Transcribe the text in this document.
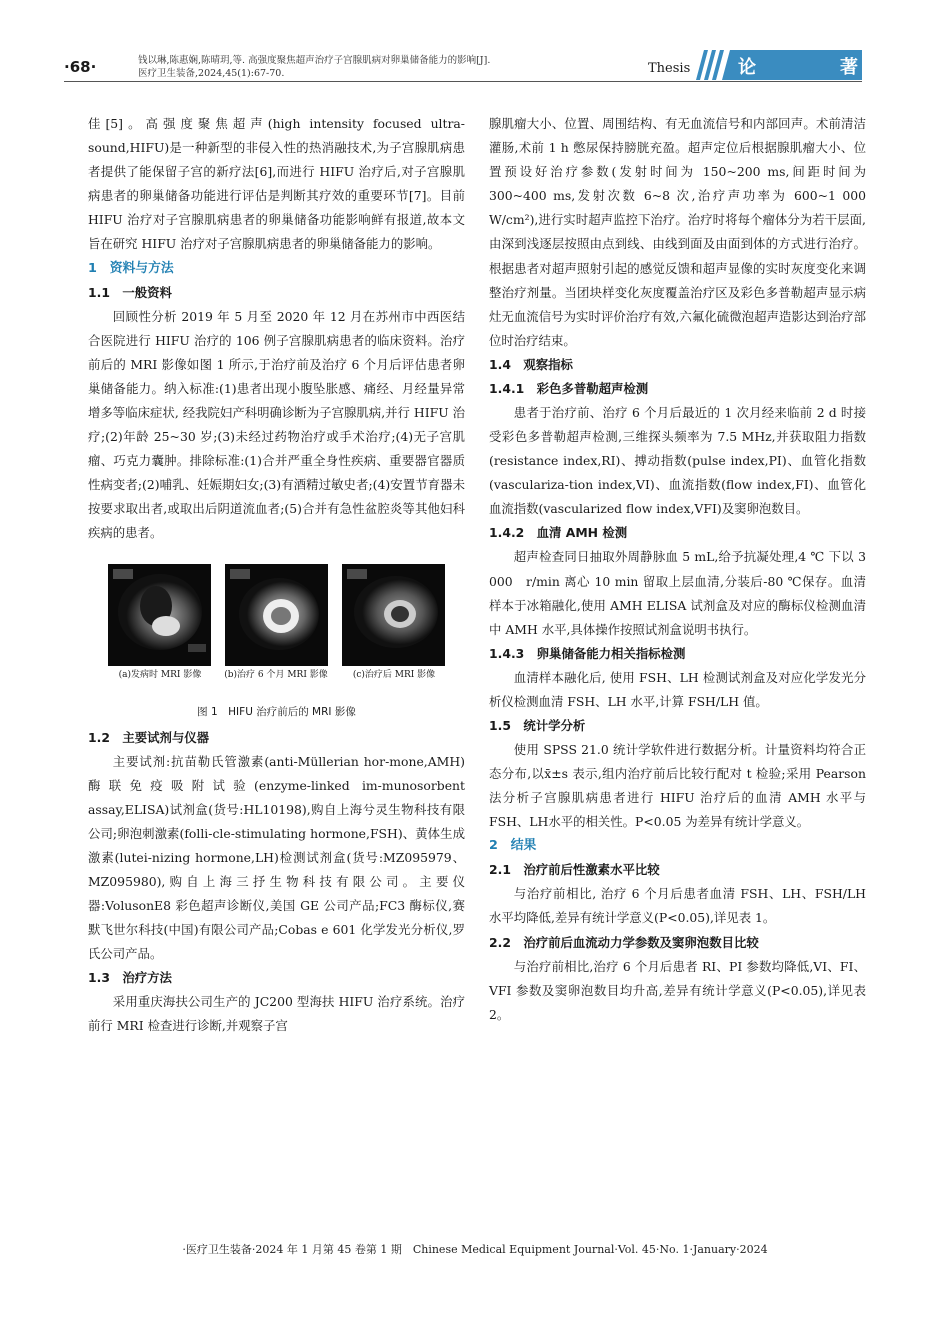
·68·	钱以琳,陈惠娴,陈晴玥,等. 高强度聚焦超声治疗子宫腺肌病对卵巢储备能力的影响[J].
医疗卫生装备,2024,45(1):67-70.	Thesis	论	著

佳[5]。高强度聚焦超声(high intensity focused ultra-sound,HIFU)是一种新型的非侵入性的热消融技术,为子宫腺肌病患者提供了能保留子宫的新疗法[6],而进行 HIFU 治疗后,对子宫腺肌病患者的卵巢储备功能进行评估是判断其疗效的重要环节[7]。目前 HIFU 治疗对子宫腺肌病患者的卵巢储备功能影响鲜有报道,故本文旨在研究 HIFU 治疗对子宫腺肌病患者的卵巢储备能力的影响。

1　资料与方法
1.1　一般资料

回顾性分析 2019 年 5 月至 2020 年 12 月在苏州市中西医结合医院进行 HIFU 治疗的 106 例子宫腺肌病患者的临床资料。治疗前后的 MRI 影像如图 1 所示,于治疗前及治疗 6 个月后评估患者卵巢储备能力。纳入标准:(1)患者出现小腹坠胀感、痛经、月经量异常增多等临床症状, 经我院妇产科明确诊断为子宫腺肌病,并行 HIFU 治疗;(2)年龄 25~30 岁;(3)未经过药物治疗或手术治疗;(4)无子宫肌瘤、巧克力囊肿。排除标准:(1)合并严重全身性疾病、重要器官器质性病变者;(2)哺乳、妊娠期妇女;(3)有酒精过敏史者;(4)安置节育器未按要求取出者,或取出后阴道流血者;(5)合并有急性盆腔炎等其他妇科疾病的患者。

(a)发病时 MRI 影像	(b)治疗 6 个月 MRI 影像	(c)治疗后 MRI 影像
图 1　HIFU 治疗前后的 MRI 影像
1.2　主要试剂与仪器

主要试剂:抗苗勒氏管激素(anti-Müllerian hor-mone,AMH)酶联免疫吸附试验(enzyme-linked im-munosorbent assay,ELISA)试剂盒(货号:HL10198),购自上海兮灵生物科技有限公司;卵泡刺激素(folli-cle-stimulating hormone,FSH)、黄体生成激素(lutei-nizing hormone,LH)检测试剂盒(货号:MZ095979、MZ095980),购自上海三抒生物科技有限公司。主要仪器:VolusonE8 彩色超声诊断仪,美国 GE 公司产品;FC3 酶标仪,赛默飞世尔科技(中国)有限公司产品;Cobas e 601 化学发光分析仪,罗氏公司产品。

1.3　治疗方法

采用重庆海扶公司生产的 JC200 型海扶 HIFU 治疗系统。治疗前行 MRI 检查进行诊断,并观察子宫

腺肌瘤大小、位置、周围结构、有无血流信号和内部回声。术前清洁灌肠,术前 1 h 憋尿保持膀胱充盈。超声定位后根据腺肌瘤大小、位置预设好治疗参数(发射时间为 150~200 ms,间距时间为 300~400 ms,发射次数 6~8 次,治疗声功率为 600~1 000 W/cm²),进行实时超声监控下治疗。治疗时将每个瘤体分为若干层面,由深到浅逐层按照由点到线、由线到面及由面到体的方式进行治疗。根据患者对超声照射引起的感觉反馈和超声显像的实时灰度变化来调整治疗剂量。当团块样变化灰度覆盖治疗区及彩色多普勒超声显示病灶无血流信号为实时评价治疗有效,六氟化硫微泡超声造影达到治疗部位时治疗结束。

1.4　观察指标
1.4.1　彩色多普勒超声检测

患者于治疗前、治疗 6 个月后最近的 1 次月经来临前 2 d 时接受彩色多普勒超声检测,三维探头频率为 7.5 MHz,并获取阻力指数(resistance index,RI)、搏动指数(pulse index,PI)、血管化指数(vasculariza-tion index,VI)、血流指数(flow index,FI)、血管化血流指数(vascularized flow index,VFI)及窦卵泡数目。

1.4.2　血清 AMH 检测

超声检查同日抽取外周静脉血 5 mL,给予抗凝处理,4 ℃ 下以 3 000　r/min 离心 10 min 留取上层血清,分装后-80 ℃保存。血清样本于冰箱融化,使用 AMH ELISA 试剂盒及对应的酶标仪检测血清中 AMH 水平,具体操作按照试剂盒说明书执行。

1.4.3　卵巢储备能力相关指标检测

血清样本融化后, 使用 FSH、LH 检测试剂盒及对应化学发光分析仪检测血清 FSH、LH 水平,计算 FSH/LH 值。

1.5　统计学分析

使用 SPSS 21.0 统计学软件进行数据分析。计量资料均符合正态分布,以x̄±s 表示,组内治疗前后比较行配对 t 检验;采用 Pearson 法分析子宫腺肌病患者进行 HIFU 治疗后的血清 AMH 水平与 FSH、LH水平的相关性。P<0.05 为差异有统计学意义。

2　结果
2.1　治疗前后性激素水平比较

与治疗前相比, 治疗 6 个月后患者血清 FSH、LH、FSH/LH 水平均降低,差异有统计学意义(P<0.05),详见表 1。

2.2　治疗前后血流动力学参数及窦卵泡数目比较

与治疗前相比,治疗 6 个月后患者 RI、PI 参数均降低,VI、FI、VFI 参数及窦卵泡数目均升高,差异有统计学意义(P<0.05),详见表 2。

·医疗卫生装备·2024 年 1 月第 45 卷第 1 期　Chinese Medical Equipment Journal·Vol. 45·No. 1·January·2024
